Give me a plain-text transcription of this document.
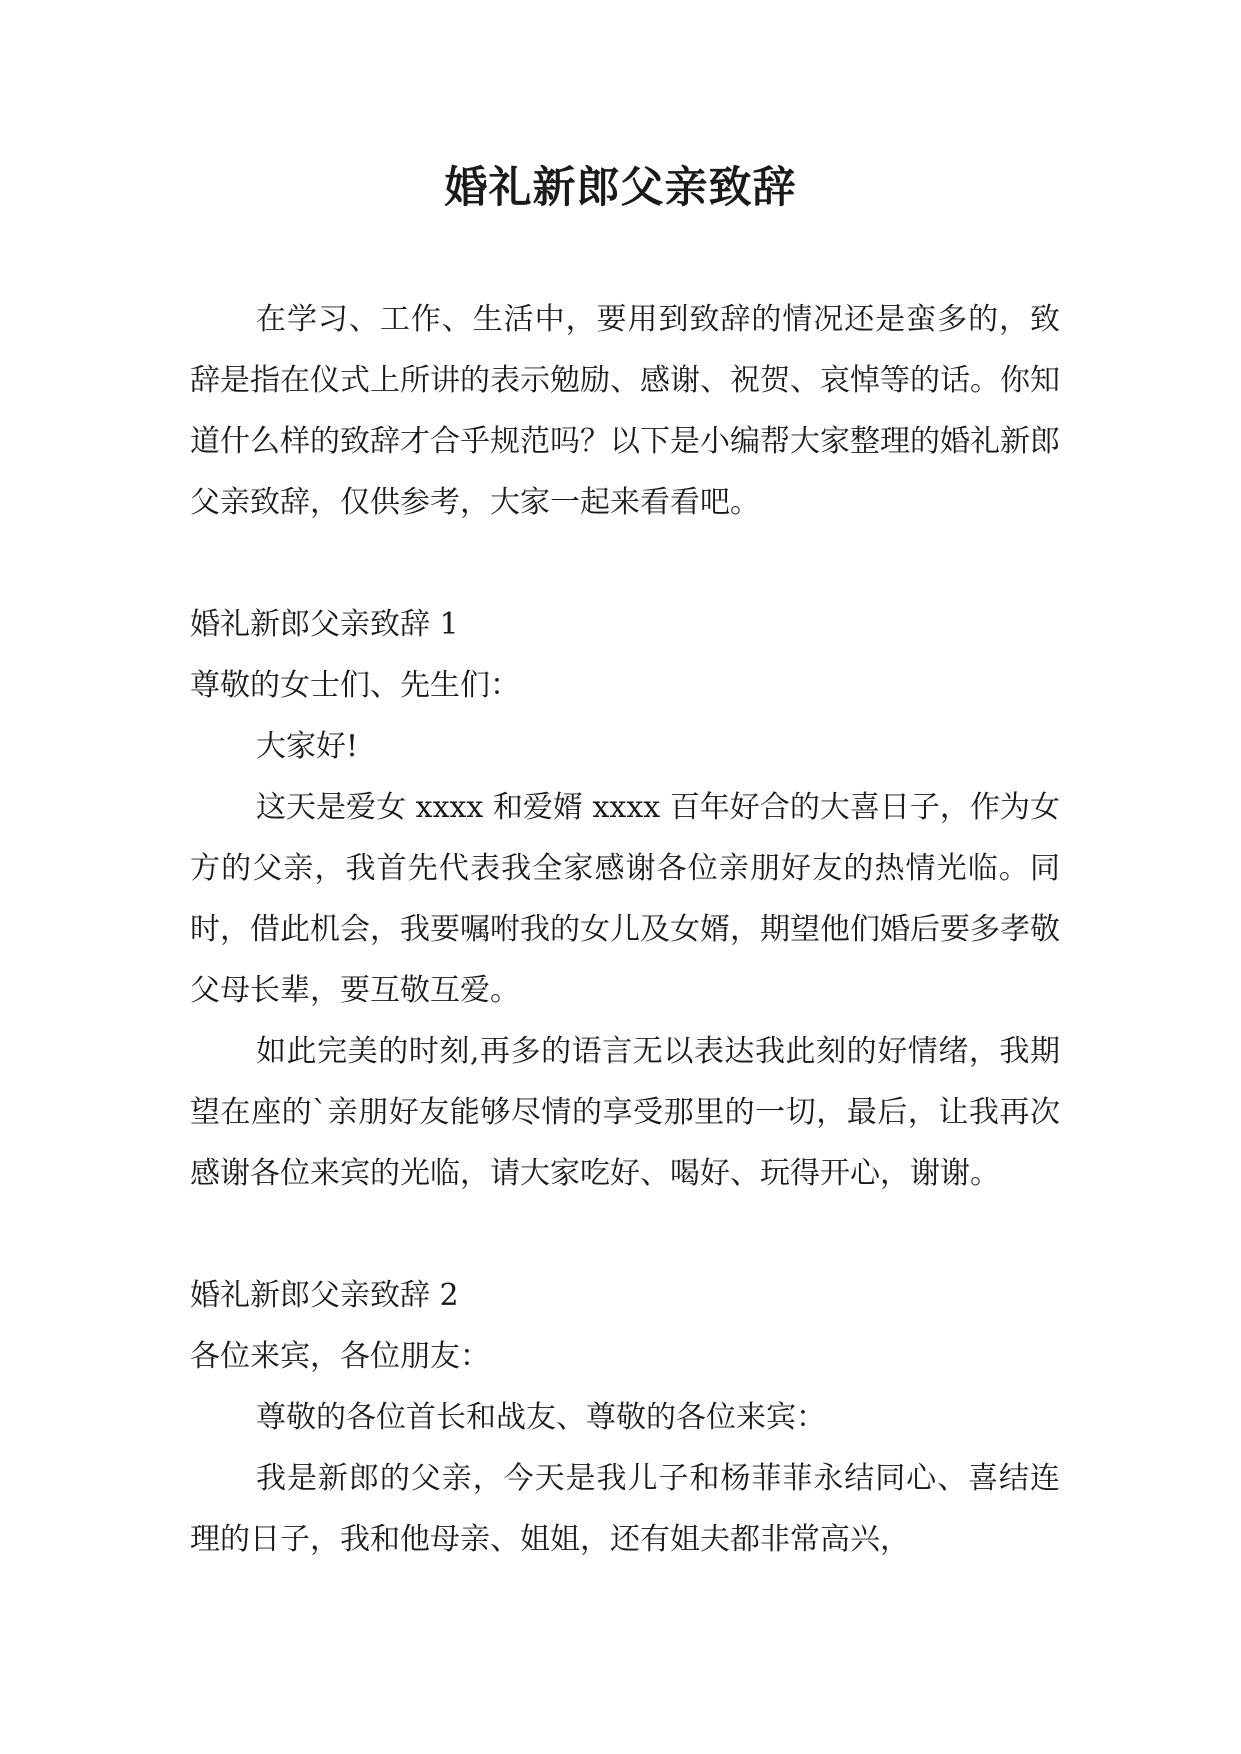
婚礼新郎父亲致辞

在学习、工作、生活中，要用到致辞的情况还是蛮多的，致辞是指在仪式上所讲的表示勉励、感谢、祝贺、哀悼等的话。你知道什么样的致辞才合乎规范吗？以下是小编帮大家整理的婚礼新郎父亲致辞，仅供参考，大家一起来看看吧。

婚礼新郎父亲致辞 1

尊敬的女士们、先生们：

大家好!

这天是爱女 xxxx 和爱婿 xxxx 百年好合的大喜日子，作为女方的父亲，我首先代表我全家感谢各位亲朋好友的热情光临。同时，借此机会，我要嘱咐我的女儿及女婿，期望他们婚后要多孝敬父母长辈，要互敬互爱。

如此完美的时刻,再多的语言无以表达我此刻的好情绪，我期望在座的`亲朋好友能够尽情的享受那里的一切，最后，让我再次感谢各位来宾的光临，请大家吃好、喝好、玩得开心，谢谢。

婚礼新郎父亲致辞 2

各位来宾，各位朋友：

尊敬的各位首长和战友、尊敬的各位来宾：

我是新郎的父亲，今天是我儿子和杨菲菲永结同心、喜结连理的日子，我和他母亲、姐姐，还有姐夫都非常高兴，
